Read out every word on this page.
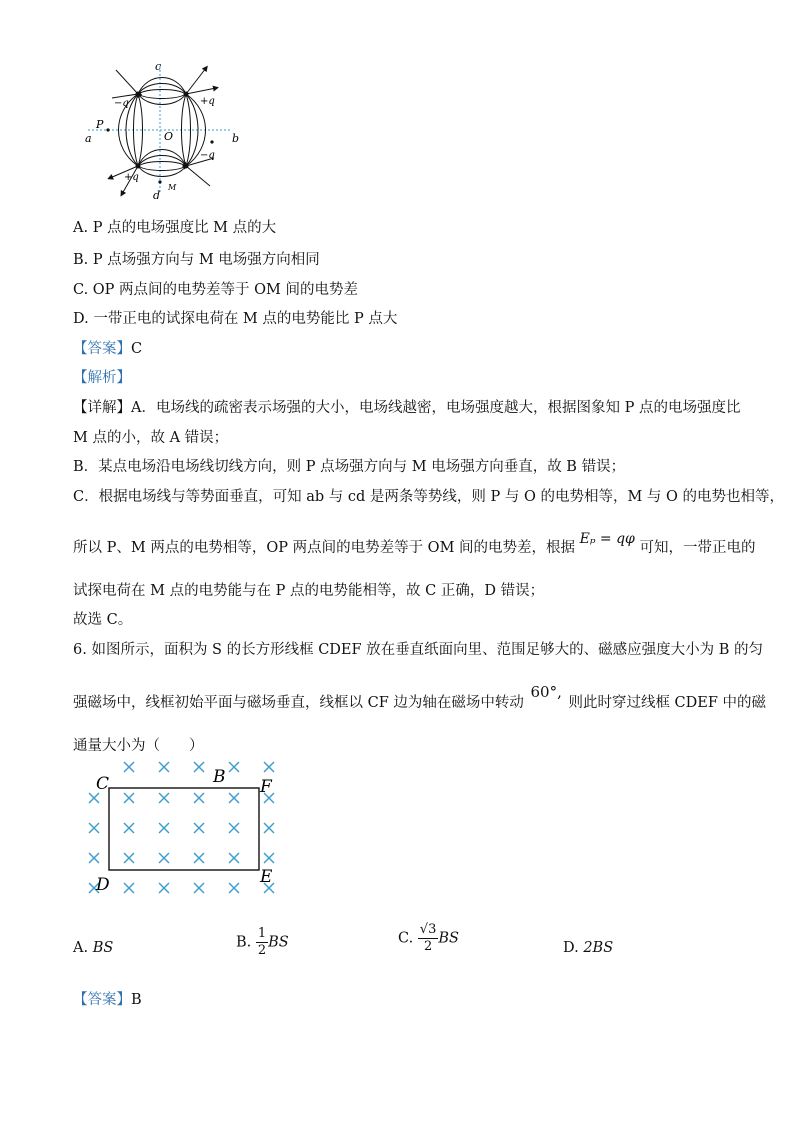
c
d
a	b
P
O
M
−q	+q
+q
−q
A. P 点的电场强度比 M 点的大
B. P 点场强方向与 M 电场强方向相同
C. OP 两点间的电势差等于 OM 间的电势差
D. 一带正电的试探电荷在 M 点的电势能比 P 点大
【答案】C
【解析】
【详解】A．电场线的疏密表示场强的大小，电场线越密，电场强度越大，根据图象知 P 点的电场强度比
M 点的小，故 A 错误；
B．某点电场沿电场线切线方向，则 P 点场强方向与 M 电场强方向垂直，故 B 错误；
C．根据电场线与等势面垂直，可知 ab 与 cd 是两条等势线，则 P 与 O 的电势相等，M 与 O 的电势也相等，
所以 P、M 两点的电势相等，OP 两点间的电势差等于 OM 间的电势差，根据 Eₚ = qφ 可知，一带正电的
试探电荷在 M 点的电势能与在 P 点的电势能相等，故 C 正确，D 错误；
故选 C。
6. 如图所示，面积为 S 的长方形线框 CDEF 放在垂直纸面向里、范围足够大的、磁感应强度大小为 B 的匀
强磁场中，线框初始平面与磁场垂直，线框以 CF 边为轴在磁场中转动 60°, 则此时穿过线框 CDEF 中的磁
通量大小为（　　）
C	B F
D	E
A. BS	B. $\frac{1}{2}$ BS	C. $\frac{√3}{2}$ BS
D. 2BS
【答案】B
